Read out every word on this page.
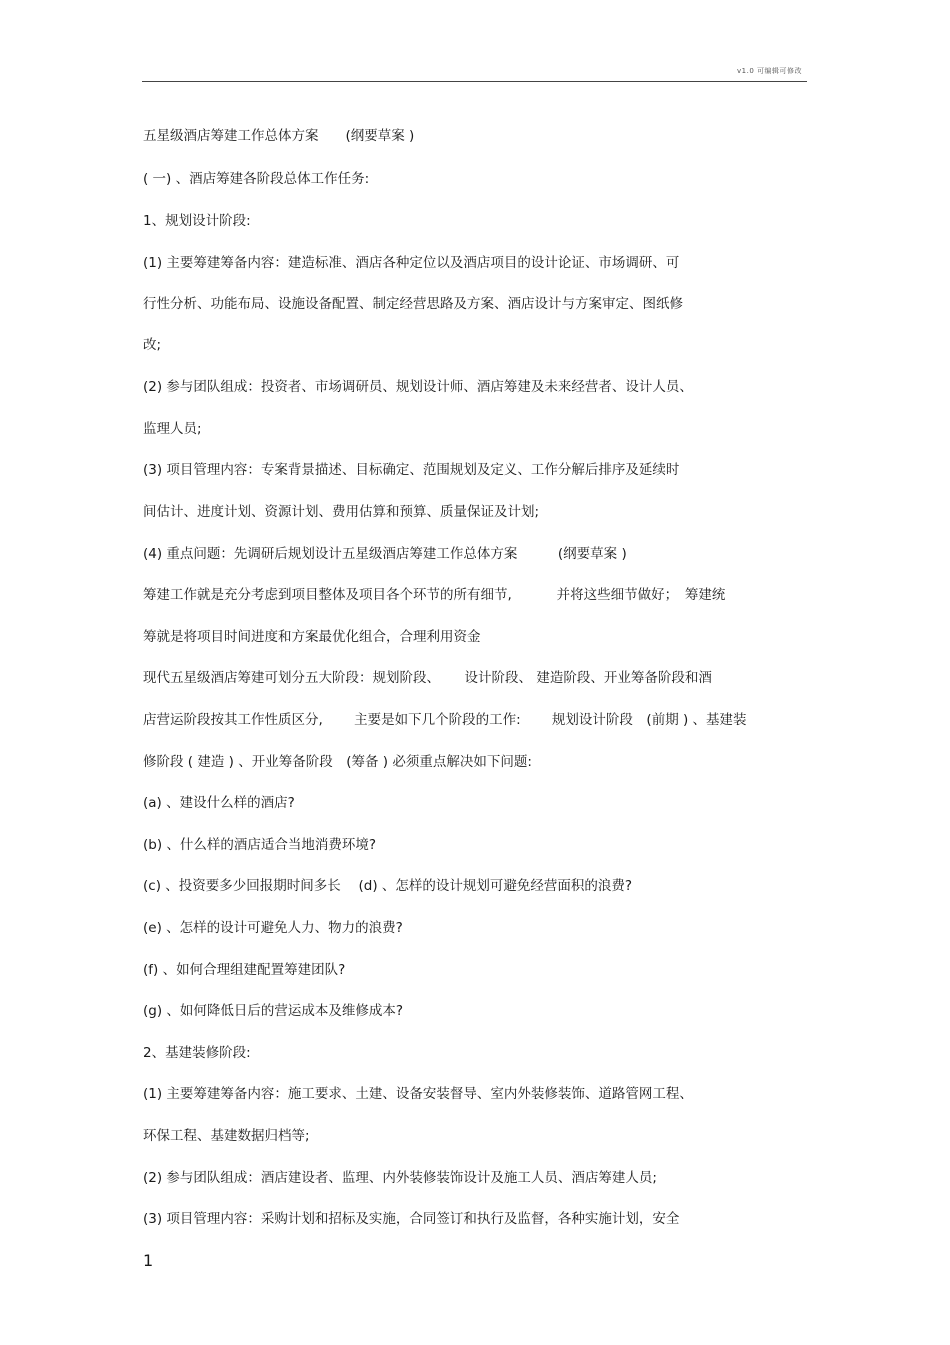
v1.0 可编辑可修改
五星级酒店筹建工作总体方案　　(纲要草案 )
( 一) 、酒店筹建各阶段总体工作任务:
1、规划设计阶段:
(1) 主要筹建筹备内容：建造标准、酒店各种定位以及酒店项目的设计论证、市场调研、可
行性分析、功能布局、设施设备配置、制定经营思路及方案、酒店设计与方案审定、图纸修
改;
(2) 参与团队组成：投资者、市场调研员、规划设计师、酒店筹建及未来经营者、设计人员、
监理人员;
(3) 项目管理内容：专案背景描述、目标确定、范围规划及定义、工作分解后排序及延续时
间估计、进度计划、资源计划、费用估算和预算、质量保证及计划;
(4) 重点问题：先调研后规划设计五星级酒店筹建工作总体方案　　　(纲要草案 )
筹建工作就是充分考虑到项目整体及项目各个环节的所有细节,　　　 并将这些细节做好；　筹建统
筹就是将项目时间进度和方案最优化组合，合理利用资金
现代五星级酒店筹建可划分五大阶段：规划阶段、　　 设计阶段、 建造阶段、开业筹备阶段和酒
店营运阶段按其工作性质区分,　　 主要是如下几个阶段的工作:　　 规划设计阶段　(前期 ) 、基建装
修阶段 ( 建造 ) 、开业筹备阶段　(筹备 ) 必须重点解决如下问题:
(a) 、建设什么样的酒店?
(b) 、什么样的酒店适合当地消费环境?
(c) 、投资要多少回报期时间多长　 (d) 、怎样的设计规划可避免经营面积的浪费?
(e) 、怎样的设计可避免人力、物力的浪费?
(f) 、如何合理组建配置筹建团队?
(g) 、如何降低日后的营运成本及维修成本?
2、基建装修阶段:
(1) 主要筹建筹备内容：施工要求、土建、设备安装督导、室内外装修装饰、道路管网工程、
环保工程、基建数据归档等;
(2) 参与团队组成：酒店建设者、监理、内外装修装饰设计及施工人员、酒店筹建人员;
(3) 项目管理内容：采购计划和招标及实施，合同签订和执行及监督，各种实施计划，安全
1
